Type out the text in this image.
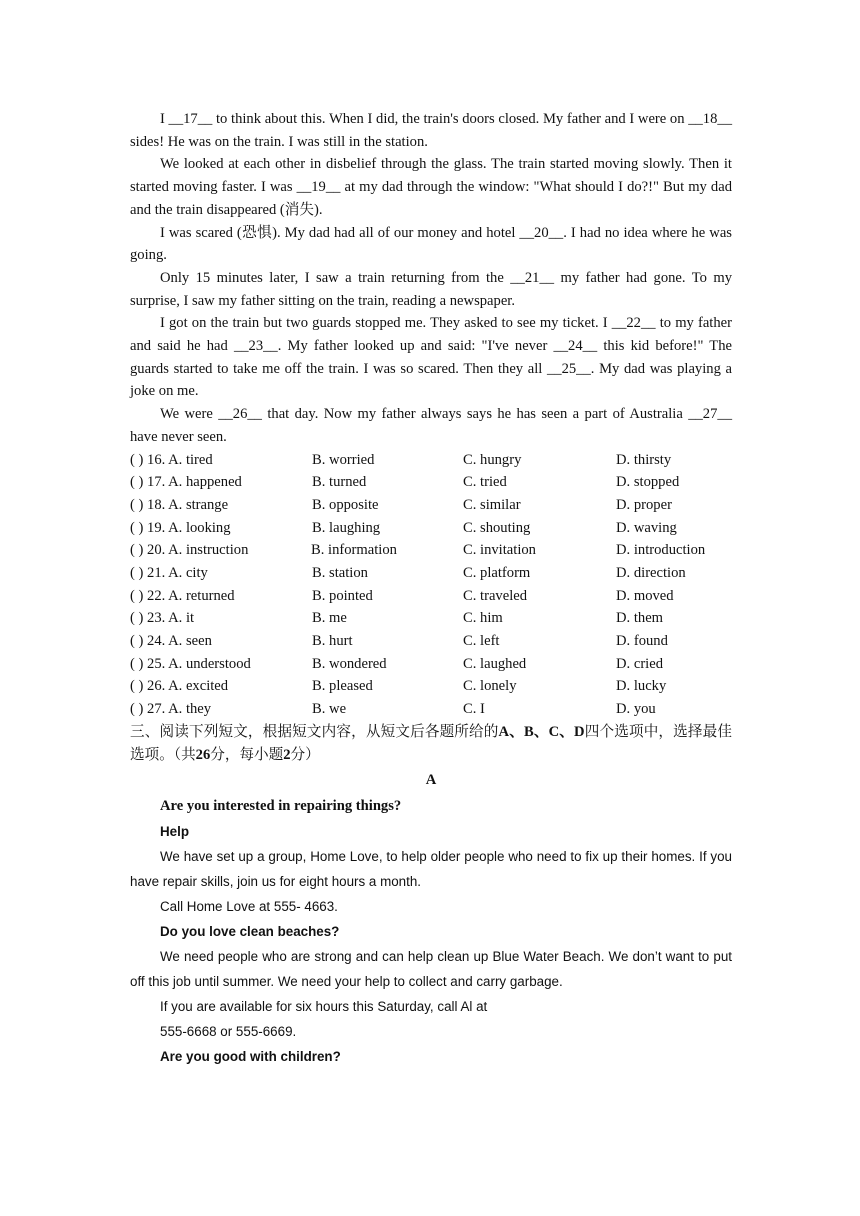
I __17__ to think about this. When I did, the train's doors closed. My father and I were on __18__ sides! He was on the train. I was still in the station.

We looked at each other in disbelief through the glass. The train started moving slowly. Then it started moving faster. I was __19__ at my dad through the window: "What should I do?!" But my dad and the train disappeared (消失).

I was scared (恐惧). My dad had all of our money and hotel __20__. I had no idea where he was going.

Only 15 minutes later, I saw a train returning from the __21__ my father had gone. To my surprise, I saw my father sitting on the train, reading a newspaper.

I got on the train but two guards stopped me. They asked to see my ticket. I __22__ to my father and said he had __23__. My father looked up and said: "I've never __24__ this kid before!" The guards started to take me off the train. I was so scared. Then they all __25__. My dad was playing a joke on me.

We were __26__ that day. Now my father always says he has seen a part of Australia __27__ have never seen.

( ) 16. A. tired	B. worried	C. hungry	D. thirsty
( ) 17. A. happened	B. turned	C. tried	D. stopped
( ) 18. A. strange	B. opposite	C. similar	D. proper
( ) 19. A. looking	B. laughing	C. shouting	D. waving
( ) 20. A. instruction	B. information	C. invitation	D. introduction
( ) 21. A. city	B. station	C. platform	D. direction
( ) 22. A. returned	B. pointed	C. traveled	D. moved
( ) 23. A. it	B. me	C. him	D. them
( ) 24. A. seen	B. hurt	C. left	D. found
( ) 25. A. understood	B. wondered	C. laughed	D. cried
( ) 26. A. excited	B. pleased	C. lonely	D. lucky
( ) 27. A. they	B. we	C. I	D. you

三、阅读下列短文，根据短文内容，从短文后各题所给的A、B、C、D四个选项中，选择最佳选项。（共26分，每小题2分）

A

Are you interested in repairing things?

Help

We have set up a group, Home Love, to help older people who need to fix up their homes. If you have repair skills, join us for eight hours a month.

Call Home Love at 555- 4663.

Do you love clean beaches?

We need people who are strong and can help clean up Blue Water Beach. We don’t want to put off this job until summer. We need your help to collect and carry garbage.

If you are available for six hours this Saturday, call Al at

555-6668 or 555-6669.

Are you good with children?
